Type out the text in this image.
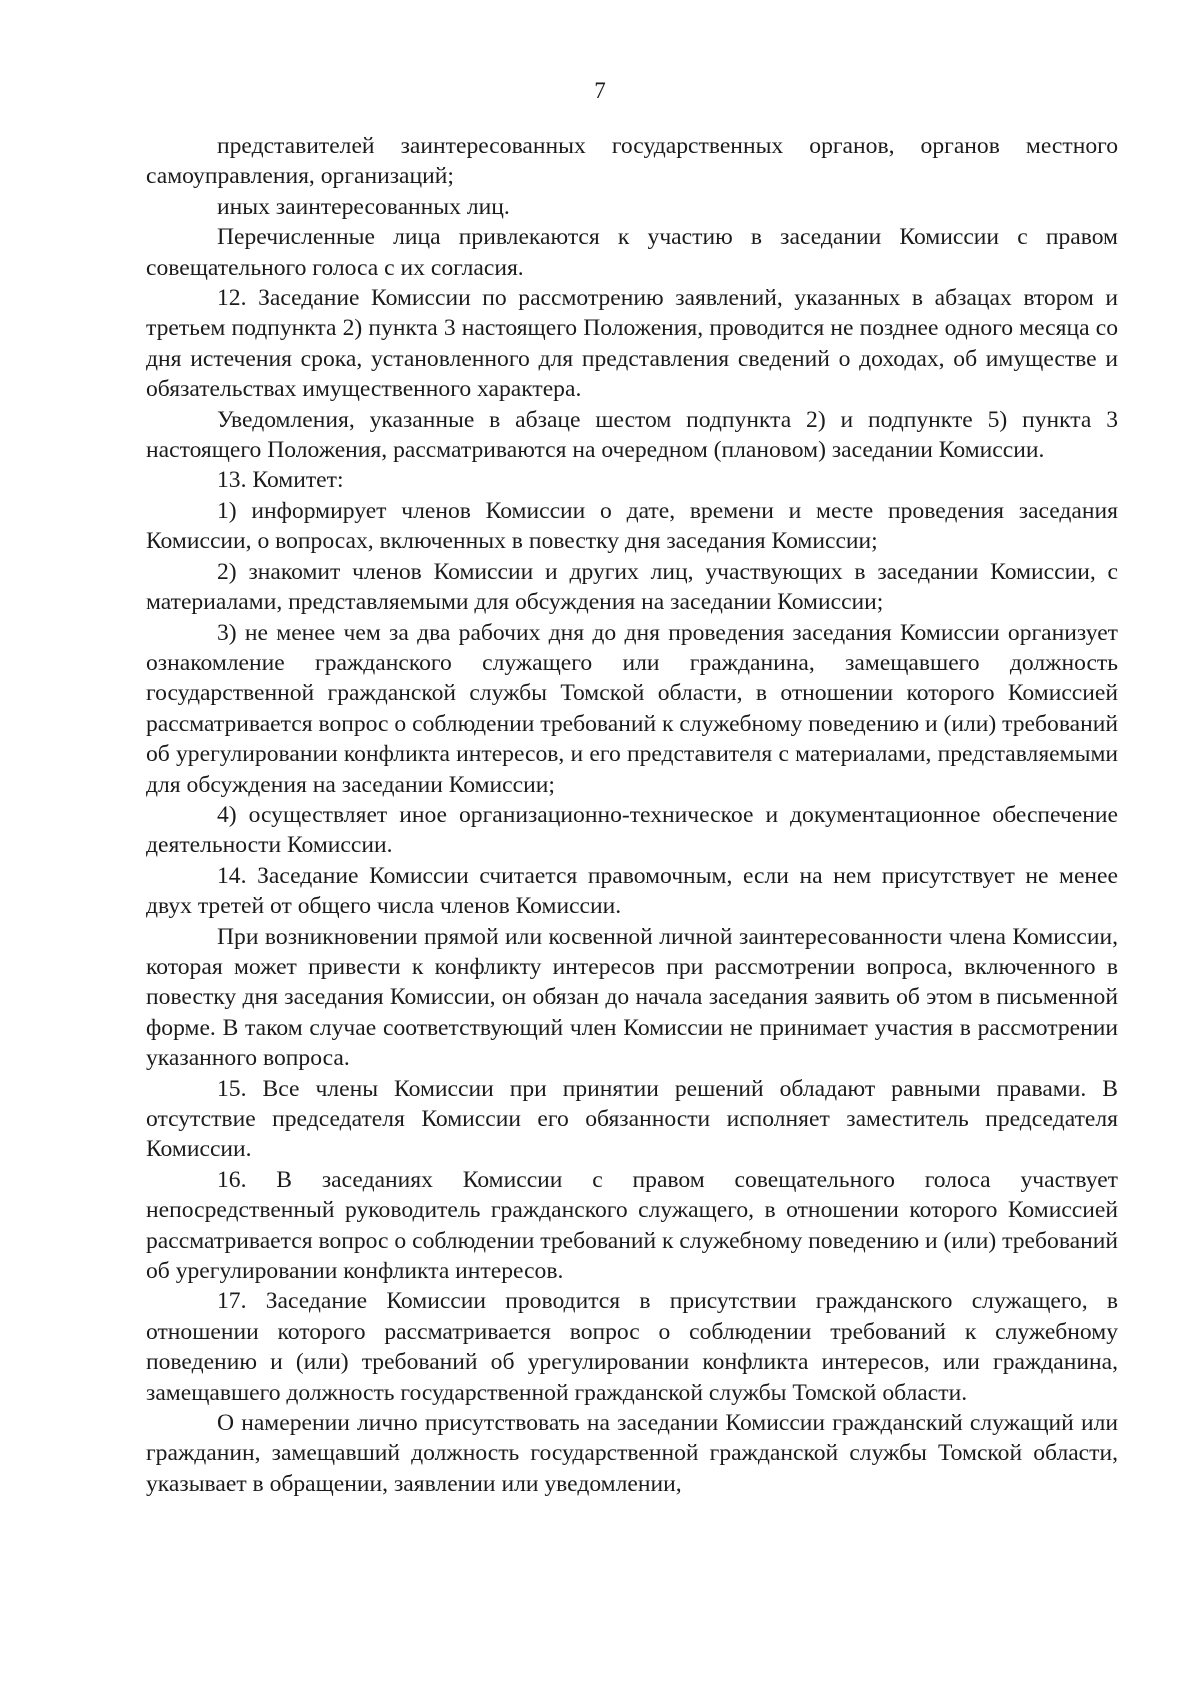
7

представителей заинтересованных государственных органов, органов местного самоуправления, организаций;

иных заинтересованных лиц.

Перечисленные лица привлекаются к участию в заседании Комиссии с правом совещательного голоса с их согласия.

12. Заседание Комиссии по рассмотрению заявлений, указанных в абзацах втором и третьем подпункта 2) пункта 3 настоящего Положения, проводится не позднее одного месяца со дня истечения срока, установленного для представления сведений о доходах, об имуществе и обязательствах имущественного характера.

Уведомления, указанные в абзаце шестом подпункта 2) и подпункте 5) пункта 3 настоящего Положения, рассматриваются на очередном (плановом) заседании Комиссии.

13. Комитет:

1) информирует членов Комиссии о дате, времени и месте проведения заседания Комиссии, о вопросах, включенных в повестку дня заседания Комиссии;

2) знакомит членов Комиссии и других лиц, участвующих в заседании Комиссии, с материалами, представляемыми для обсуждения на заседании Комиссии;

3) не менее чем за два рабочих дня до дня проведения заседания Комиссии организует ознакомление гражданского служащего или гражданина, замещавшего должность государственной гражданской службы Томской области, в отношении которого Комиссией рассматривается вопрос о соблюдении требований к служебному поведению и (или) требований об урегулировании конфликта интересов, и его представителя с материалами, представляемыми для обсуждения на заседании Комиссии;

4) осуществляет иное организационно-техническое и документационное обеспечение деятельности Комиссии.

14. Заседание Комиссии считается правомочным, если на нем присутствует не менее двух третей от общего числа членов Комиссии.

При возникновении прямой или косвенной личной заинтересованности члена Комиссии, которая может привести к конфликту интересов при рассмотрении вопроса, включенного в повестку дня заседания Комиссии, он обязан до начала заседания заявить об этом в письменной форме. В таком случае соответствующий член Комиссии не принимает участия в рассмотрении указанного вопроса.

15. Все члены Комиссии при принятии решений обладают равными правами. В отсутствие председателя Комиссии его обязанности исполняет заместитель председателя Комиссии.

16. В заседаниях Комиссии с правом совещательного голоса участвует непосредственный руководитель гражданского служащего, в отношении которого Комиссией рассматривается вопрос о соблюдении требований к служебному поведению и (или) требований об урегулировании конфликта интересов.

17. Заседание Комиссии проводится в присутствии гражданского служащего, в отношении которого рассматривается вопрос о соблюдении требований к служебному поведению и (или) требований об урегулировании конфликта интересов, или гражданина, замещавшего должность государственной гражданской службы Томской области.

О намерении лично присутствовать на заседании Комиссии гражданский служащий или гражданин, замещавший должность государственной гражданской службы Томской области, указывает в обращении, заявлении или уведомлении,
